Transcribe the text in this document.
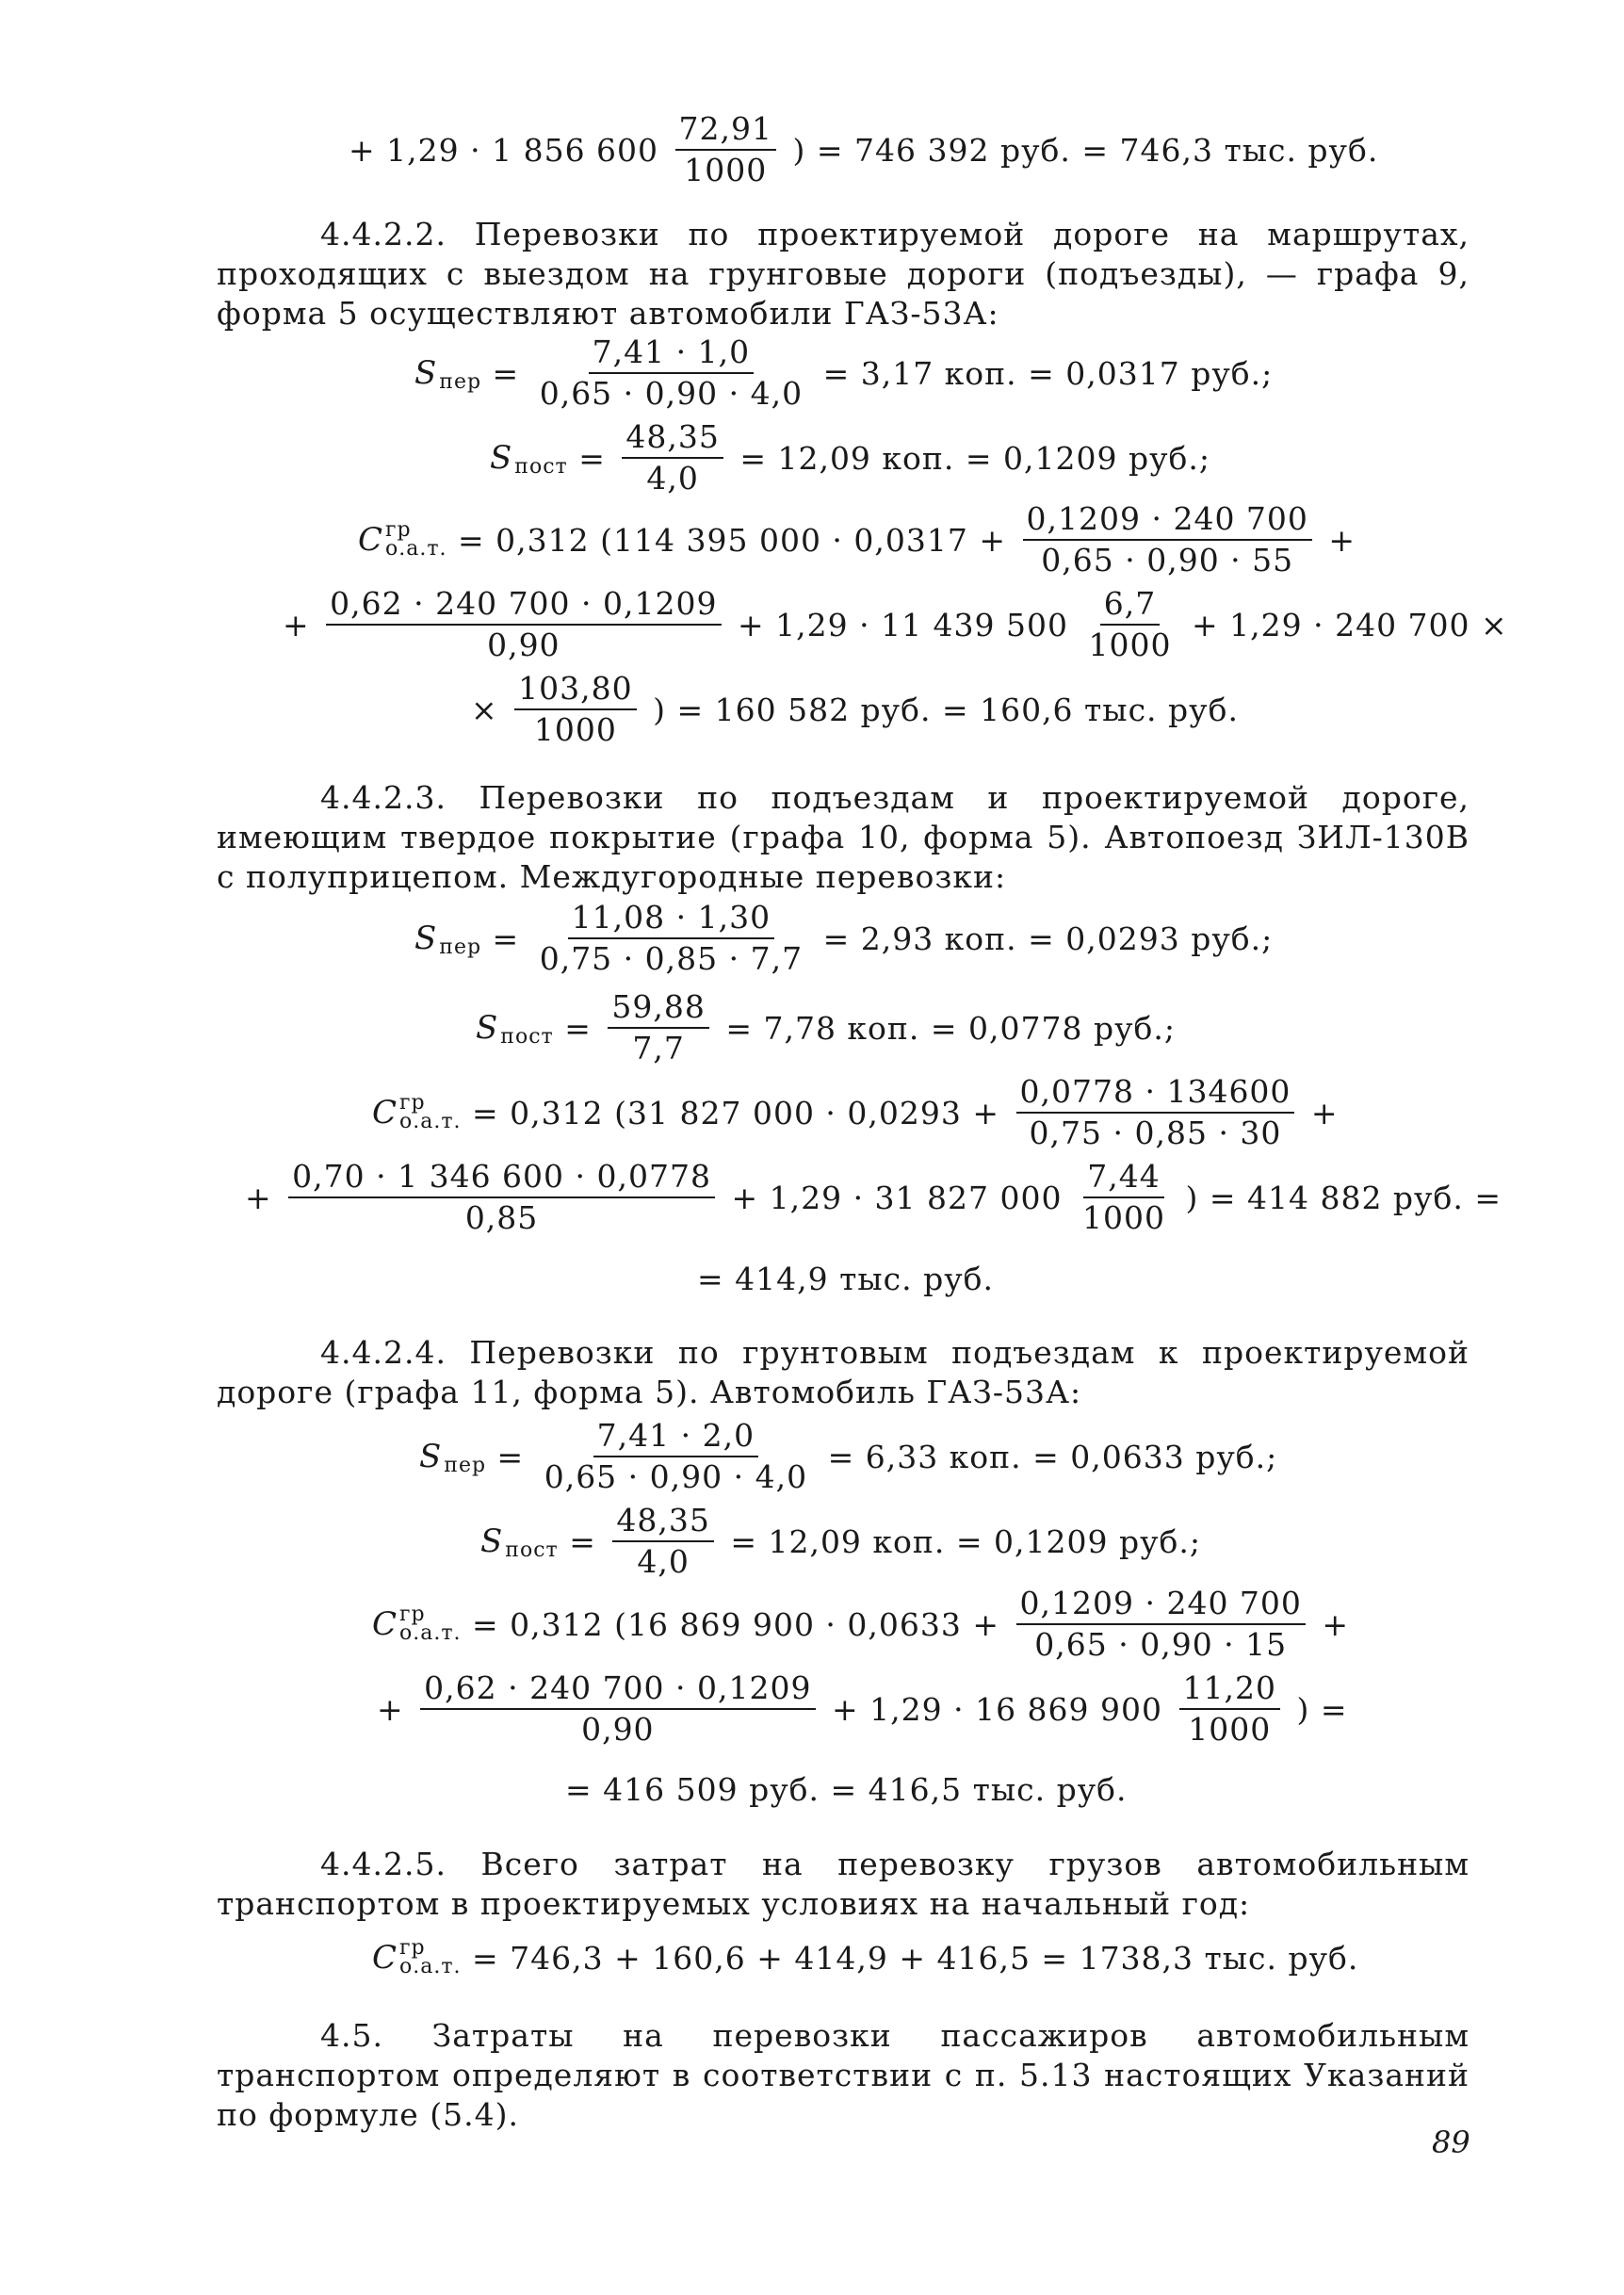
+ 1,29 · 1 856 $600 \frac{72,91}{1000}$ ) = 746 392 руб. = 746,3 тыс. руб.

4.4.2.2. Перевозки по проектируемой дороге на маршрутах, проходящих с выездом на грунговые дороги (подъезды), — графа 9, форма 5 осуществляют автомобили ГАЗ-53А:

S
пер = $\frac{7,41 \cdot 1,0}{0,65 \cdot 0,90 \cdot 4,0} = 3,17$ коп. = 0,0317 руб.;
S
пост = $\frac{48,35}{4,0} = 12,09$ коп. = 0,1209 руб.;
C гр
о.а.т. = 0,312 (114 395 $000 \cdot 0,0317 + \frac{0,1209 \cdot 240 700}{0,65 \cdot 0,90 \cdot 55}$ +
+ $\frac{0,62 \cdot 240 700 \cdot 0,1209}{0,90} + 1,29 \cdot 11$ 439 $500 \frac{6,7}{1000} + 1,29 \cdot 240$ 700 ×
× $\frac{103,80}{1000}$ ) = 160 582 руб. = 160,6 тыс. руб.

4.4.2.3. Перевозки по подъездам и проектируемой дороге, имеющим твердое покрытие (графа 10, форма 5). Автопоезд ЗИЛ-130В с полуприцепом. Междугородные перевозки:

S
пер = $\frac{11,08 \cdot 1,30}{0,75 \cdot 0,85 \cdot 7,7} = 2,93$ коп. = 0,0293 руб.;
S
пост = $\frac{59,88}{7,7} = 7,78$ коп. = 0,0778 руб.;
C гр
о.а.т. = 0,312 (31 827 $000 \cdot 0,0293 + \frac{0,0778 \cdot 134600}{0,75 \cdot 0,85 \cdot 30}$ +
+ $\frac{0,70 \cdot 1 346 600 \cdot 0,0778}{0,85} + 1,29 \cdot 31$ 827 $000 \frac{7,44}{1000}$ ) = 414 882 руб. =
= 414,9 тыс. руб.

4.4.2.4. Перевозки по грунтовым подъездам к проектируемой дороге (графа 11, форма 5). Автомобиль ГАЗ-53А:

S
пер = $\frac{7,41 \cdot 2,0}{0,65 \cdot 0,90 \cdot 4,0} = 6,33$ коп. = 0,0633 руб.;
S
пост = $\frac{48,35}{4,0} = 12,09$ коп. = 0,1209 руб.;
C гр
о.а.т. = 0,312 (16 869 $900 \cdot 0,0633 + \frac{0,1209 \cdot 240 700}{0,65 \cdot 0,90 \cdot 15}$ +
+ $\frac{0,62 \cdot 240 700 \cdot 0,1209}{0,90} + 1,29 \cdot 16$ 869 $900 \frac{11,20}{1000}$ ) =
= 416 509 руб. = 416,5 тыс. руб.

4.4.2.5. Всего затрат на перевозку грузов автомобильным транспортом в проектируемых условиях на начальный год:

C гр
о.а.т. = 746,3 + 160,6 + 414,9 + 416,5 = 1738,3 тыс. руб.

4.5. Затраты на перевозки пассажиров автомобильным транспортом определяют в соответствии с п. 5.13 настоящих Указаний по формуле (5.4).

89
